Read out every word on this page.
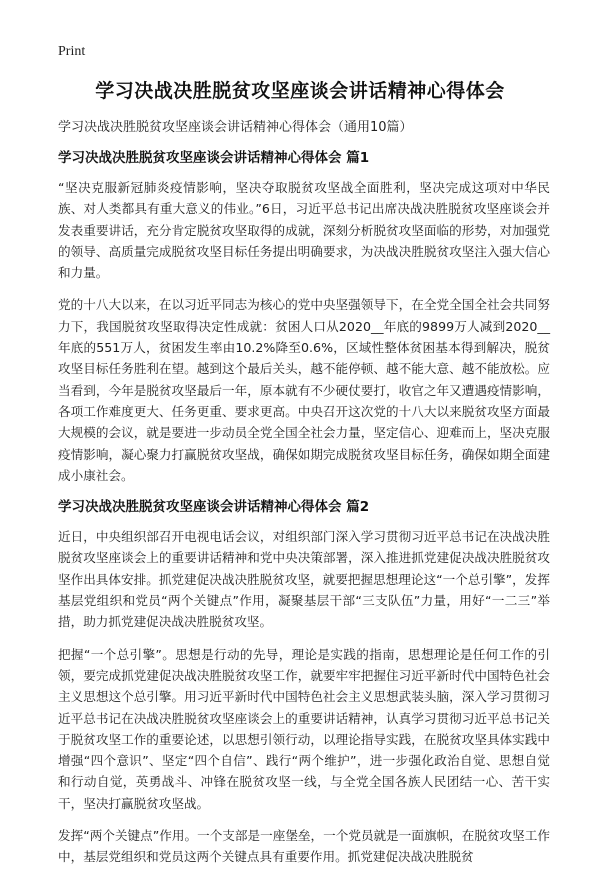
Print
学习决战决胜脱贫攻坚座谈会讲话精神心得体会

学习决战决胜脱贫攻坚座谈会讲话精神心得体会（通用10篇）

学习决战决胜脱贫攻坚座谈会讲话精神心得体会 篇1

“坚决克服新冠肺炎疫情影响，坚决夺取脱贫攻坚战全面胜利，坚决完成这项对中华民族、对人类都具有重大意义的伟业。”6日，习近平总书记出席决战决胜脱贫攻坚座谈会并发表重要讲话，充分肯定脱贫攻坚取得的成就，深刻分析脱贫攻坚面临的形势，对加强党的领导、高质量完成脱贫攻坚目标任务提出明确要求，为决战决胜脱贫攻坚注入强大信心和力量。

党的十八大以来，在以习近平同志为核心的党中央坚强领导下，在全党全国全社会共同努力下，我国脱贫攻坚取得决定性成就：贫困人口从2020__年底的9899万人减到2020__年底的551万人，贫困发生率由10.2%降至0.6%，区域性整体贫困基本得到解决，脱贫攻坚目标任务胜利在望。越到这个最后关头，越不能停顿、越不能大意、越不能放松。应当看到，今年是脱贫攻坚最后一年，原本就有不少硬仗要打，收官之年又遭遇疫情影响，各项工作难度更大、任务更重、要求更高。中央召开这次党的十八大以来脱贫攻坚方面最大规模的会议，就是要进一步动员全党全国全社会力量，坚定信心、迎难而上，坚决克服疫情影响，凝心聚力打赢脱贫攻坚战，确保如期完成脱贫攻坚目标任务，确保如期全面建成小康社会。

学习决战决胜脱贫攻坚座谈会讲话精神心得体会 篇2

近日，中央组织部召开电视电话会议，对组织部门深入学习贯彻习近平总书记在决战决胜脱贫攻坚座谈会上的重要讲话精神和党中央决策部署，深入推进抓党建促决战决胜脱贫攻坚作出具体安排。抓党建促决战决胜脱贫攻坚，就要把握思想理论这“一个总引擎”，发挥基层党组织和党员“两个关键点”作用，凝聚基层干部“三支队伍”力量，用好“一二三”举措，助力抓党建促决战决胜脱贫攻坚。

把握“一个总引擎”。思想是行动的先导，理论是实践的指南，思想理论是任何工作的引领，要完成抓党建促决战决胜脱贫攻坚工作，就要牢牢把握住习近平新时代中国特色社会主义思想这个总引擎。用习近平新时代中国特色社会主义思想武装头脑，深入学习贯彻习近平总书记在决战决胜脱贫攻坚座谈会上的重要讲话精神，认真学习贯彻习近平总书记关于脱贫攻坚工作的重要论述，以思想引领行动，以理论指导实践，在脱贫攻坚具体实践中增强“四个意识”、坚定“四个自信”、践行“两个维护”，进一步强化政治自觉、思想自觉和行动自觉，英勇战斗、冲锋在脱贫攻坚一线，与全党全国各族人民团结一心、苦干实干，坚决打赢脱贫攻坚战。

发挥“两个关键点”作用。一个支部是一座堡垒，一个党员就是一面旗帜，在脱贫攻坚工作中，基层党组织和党员这两个关键点具有重要作用。抓党建促决战决胜脱贫
